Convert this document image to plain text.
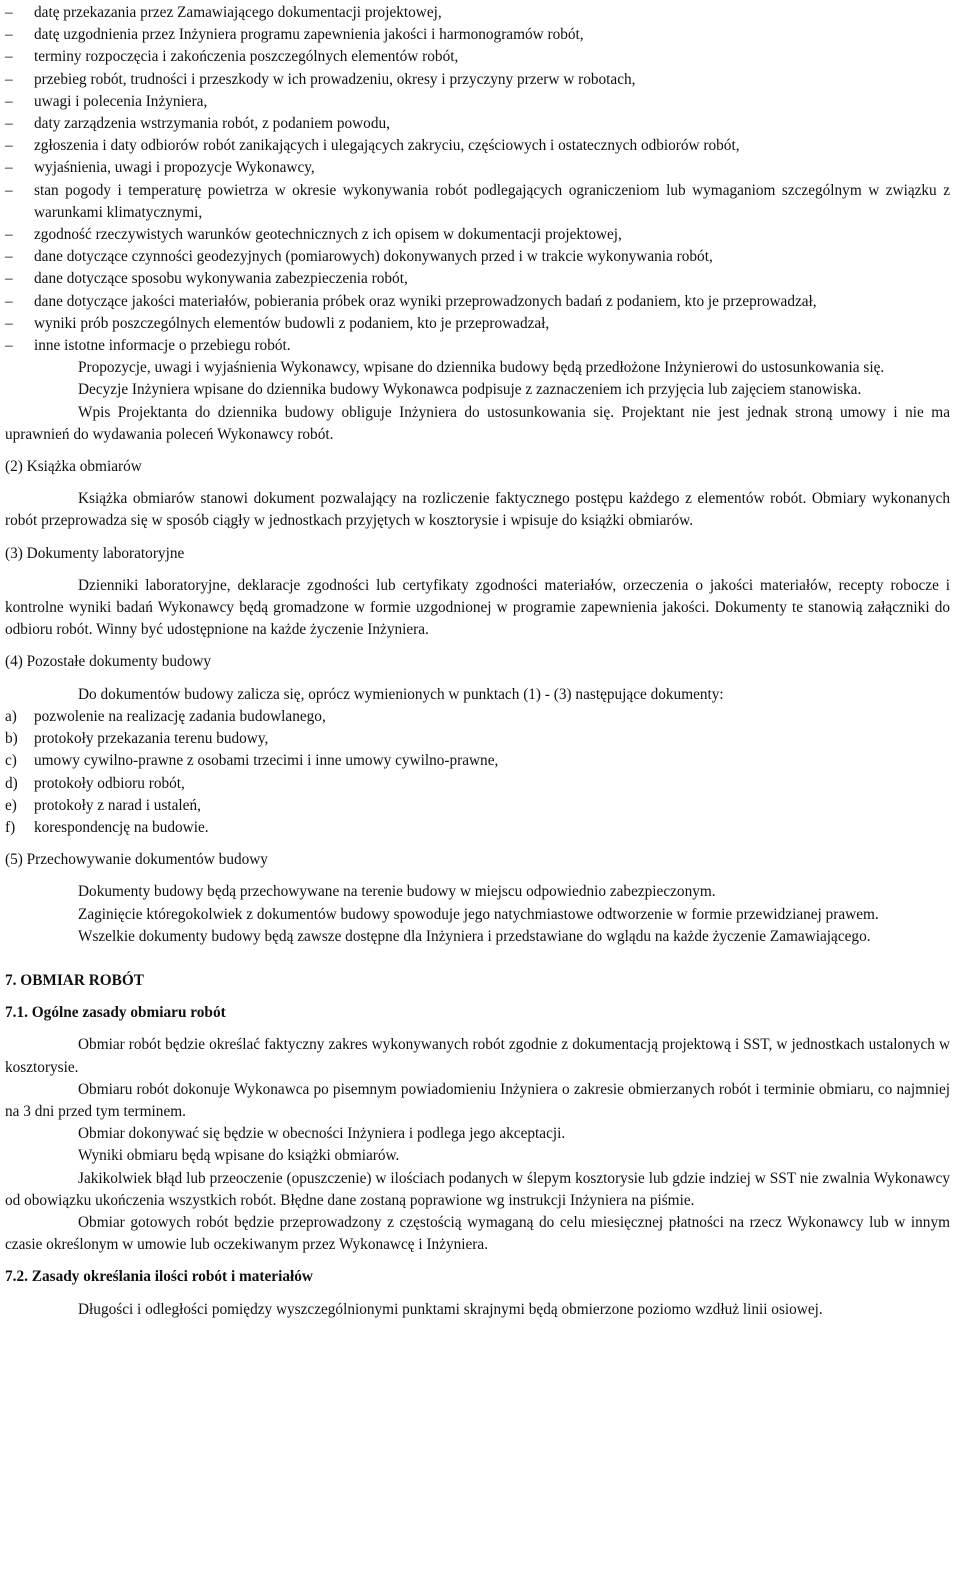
–	datę przekazania przez Zamawiającego dokumentacji projektowej,
–	datę uzgodnienia przez Inżyniera programu zapewnienia jakości i harmonogramów robót,
–	terminy rozpoczęcia i zakończenia poszczególnych elementów robót,
–	przebieg robót, trudności i przeszkody w ich prowadzeniu, okresy i przyczyny przerw w robotach,
–	uwagi i polecenia Inżyniera,
–	daty zarządzenia wstrzymania robót, z podaniem powodu,
–	zgłoszenia i daty odbiorów robót zanikających i ulegających zakryciu, częściowych i ostatecznych odbiorów robót,
–	wyjaśnienia, uwagi i propozycje Wykonawcy,
–	stan pogody i temperaturę powietrza w okresie wykonywania robót podlegających ograniczeniom lub wymaganiom szczególnym w związku z warunkami klimatycznymi,
–	zgodność rzeczywistych warunków geotechnicznych z ich opisem w dokumentacji projektowej,
–	dane dotyczące czynności geodezyjnych (pomiarowych) dokonywanych przed i w trakcie wykonywania robót,
–	dane dotyczące sposobu wykonywania zabezpieczenia robót,
–	dane dotyczące jakości materiałów, pobierania próbek oraz wyniki przeprowadzonych badań z podaniem, kto je przeprowadzał,
–	wyniki prób poszczególnych elementów budowli z podaniem, kto je przeprowadzał,
–	inne istotne informacje o przebiegu robót.

Propozycje, uwagi i wyjaśnienia Wykonawcy, wpisane do dziennika budowy będą przedłożone Inżynierowi do ustosunkowania się.

Decyzje Inżyniera wpisane do dziennika budowy Wykonawca podpisuje z zaznaczeniem ich przyjęcia lub zajęciem stanowiska.

Wpis Projektanta do dziennika budowy obliguje Inżyniera do ustosunkowania się. Projektant nie jest jednak stroną umowy i nie ma uprawnień do wydawania poleceń Wykonawcy robót.

(2) Książka obmiarów

Książka obmiarów stanowi dokument pozwalający na rozliczenie faktycznego postępu każdego z elementów robót. Obmiary wykonanych robót przeprowadza się w sposób ciągły w jednostkach przyjętych w kosztorysie i wpisuje do książki obmiarów.

(3) Dokumenty laboratoryjne

Dzienniki laboratoryjne, deklaracje zgodności lub certyfikaty zgodności materiałów, orzeczenia o jakości materiałów, recepty robocze i kontrolne wyniki badań Wykonawcy będą gromadzone w formie uzgodnionej w programie zapewnienia jakości. Dokumenty te stanowią załączniki do odbioru robót. Winny być udostępnione na każde życzenie Inżyniera.

(4) Pozostałe dokumenty budowy

Do dokumentów budowy zalicza się, oprócz wymienionych w punktach (1) - (3) następujące dokumenty:

a)	pozwolenie na realizację zadania budowlanego,
b)	protokoły przekazania terenu budowy,
c)	umowy cywilno-prawne z osobami trzecimi i inne umowy cywilno-prawne,
d)	protokoły odbioru robót,
e)	protokoły z narad i ustaleń,
f)	korespondencję na budowie.
(5) Przechowywanie dokumentów budowy

Dokumenty budowy będą przechowywane na terenie budowy w miejscu odpowiednio zabezpieczonym.

Zaginięcie któregokolwiek z dokumentów budowy spowoduje jego natychmiastowe odtworzenie w formie przewidzianej prawem.

Wszelkie dokumenty budowy będą zawsze dostępne dla Inżyniera i przedstawiane do wglądu na każde życzenie Zamawiającego.

7. OBMIAR ROBÓT
7.1. Ogólne zasady obmiaru robót

Obmiar robót będzie określać faktyczny zakres wykonywanych robót zgodnie z dokumentacją projektową i SST, w jednostkach ustalonych w kosztorysie.

Obmiaru robót dokonuje Wykonawca po pisemnym powiadomieniu Inżyniera o zakresie obmierzanych robót i terminie obmiaru, co najmniej na 3 dni przed tym terminem.

Obmiar dokonywać się będzie w obecności Inżyniera i podlega jego akceptacji.

Wyniki obmiaru będą wpisane do książki obmiarów.

Jakikolwiek błąd lub przeoczenie (opuszczenie) w ilościach podanych w ślepym kosztorysie lub gdzie indziej w SST nie zwalnia Wykonawcy od obowiązku ukończenia wszystkich robót. Błędne dane zostaną poprawione wg instrukcji Inżyniera na piśmie.

Obmiar gotowych robót będzie przeprowadzony z częstością wymaganą do celu miesięcznej płatności na rzecz Wykonawcy lub w innym czasie określonym w umowie lub oczekiwanym przez Wykonawcę i Inżyniera.

7.2. Zasady określania ilości robót i materiałów

Długości i odległości pomiędzy wyszczególnionymi punktami skrajnymi będą obmierzone poziomo wzdłuż linii osiowej.
